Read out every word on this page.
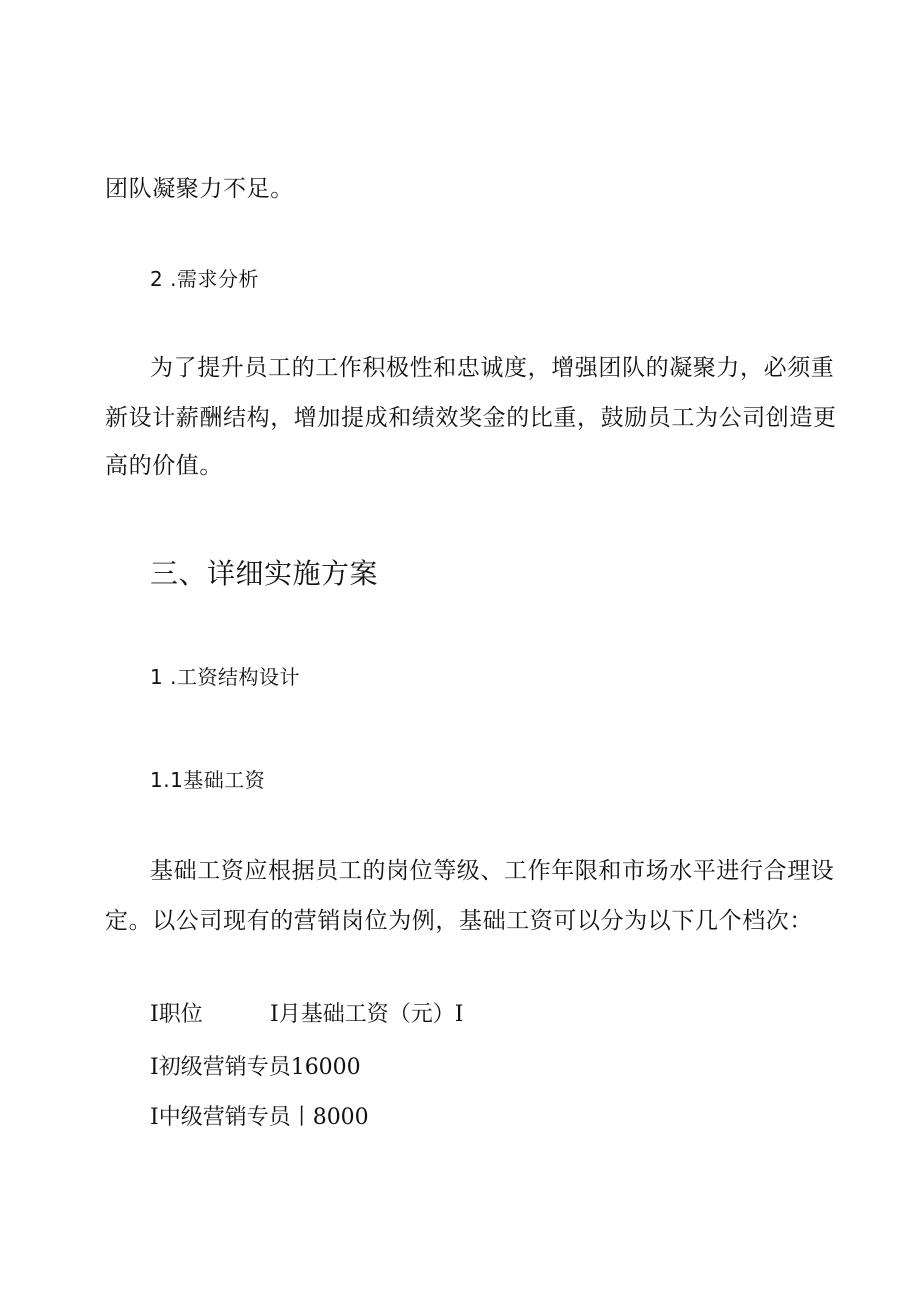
团队凝聚力不足。

2 .需求分析

为了提升员工的工作积极性和忠诚度，增强团队的凝聚力，必须重

新设计薪酬结构，增加提成和绩效奖金的比重，鼓励员工为公司创造更

高的价值。

三、详细实施方案

1 .工资结构设计

1.1基础工资

基础工资应根据员工的岗位等级、工作年限和市场水平进行合理设

定。以公司现有的营销岗位为例，基础工资可以分为以下几个档次：

I职位	I月基础工资（元）I
I初级营销专员16000
I中级营销专员丨8000
